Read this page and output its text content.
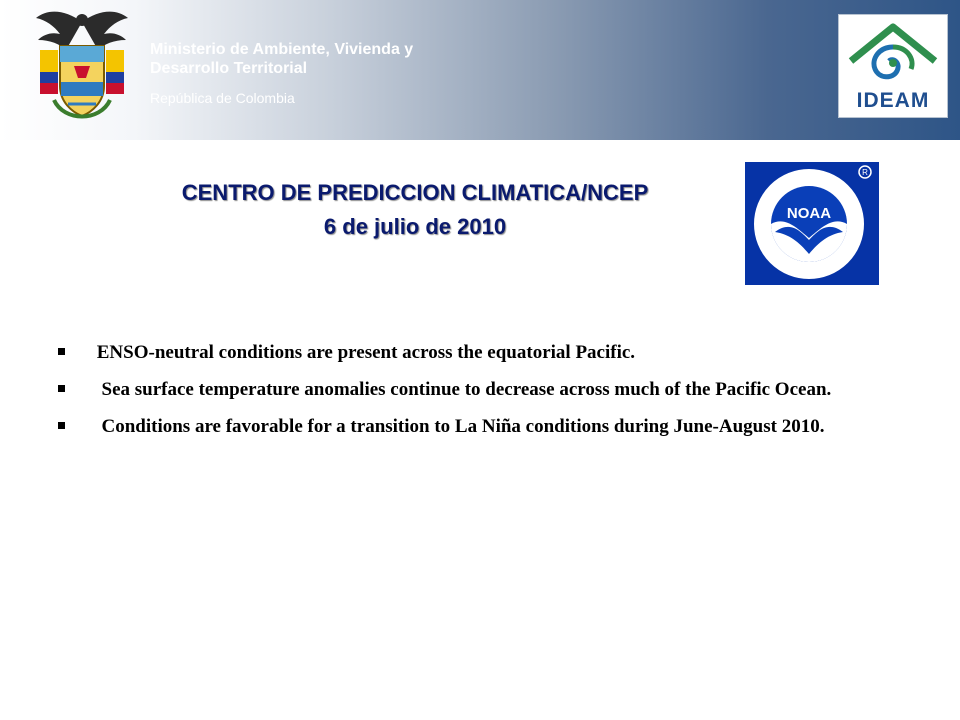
Ministerio de Ambiente, Vivienda y
Desarrollo Territorial
República de Colombia	IDEAM
CENTRO DE PREDICCION CLIMATICA/NCEP
6 de julio de 2010
NOAA
R
ENSO-neutral conditions are present across the equatorial Pacific.
Sea surface temperature anomalies continue to decrease across much of the Pacific Ocean.
Conditions are favorable for a transition to La Niña conditions during June-August 2010.
